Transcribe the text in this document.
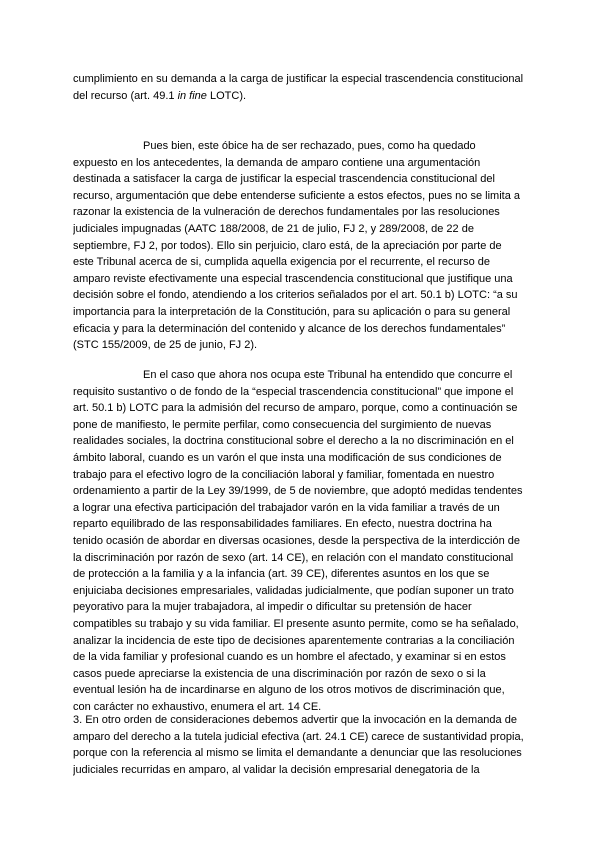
cumplimiento en su demanda a la carga de justificar la especial trascendencia constitucional
del recurso (art. 49.1 in fine LOTC).
Pues bien, este óbice ha de ser rechazado, pues, como ha quedado
expuesto en los antecedentes, la demanda de amparo contiene una argumentación
destinada a satisfacer la carga de justificar la especial trascendencia constitucional del
recurso, argumentación que debe entenderse suficiente a estos efectos, pues no se limita a
razonar la existencia de la vulneración de derechos fundamentales por las resoluciones
judiciales impugnadas (AATC 188/2008, de 21 de julio, FJ 2, y 289/2008, de 22 de
septiembre, FJ 2, por todos). Ello sin perjuicio, claro está, de la apreciación por parte de
este Tribunal acerca de si, cumplida aquella exigencia por el recurrente, el recurso de
amparo reviste efectivamente una especial trascendencia constitucional que justifique una
decisión sobre el fondo, atendiendo a los criterios señalados por el art. 50.1 b) LOTC: “a su
importancia para la interpretación de la Constitución, para su aplicación o para su general
eficacia y para la determinación del contenido y alcance de los derechos fundamentales”
(STC 155/2009, de 25 de junio, FJ 2).
En el caso que ahora nos ocupa este Tribunal ha entendido que concurre el
requisito sustantivo o de fondo de la “especial trascendencia constitucional” que impone el
art. 50.1 b) LOTC para la admisión del recurso de amparo, porque, como a continuación se
pone de manifiesto, le permite perfilar, como consecuencia del surgimiento de nuevas
realidades sociales, la doctrina constitucional sobre el derecho a la no discriminación en el
ámbito laboral, cuando es un varón el que insta una modificación de sus condiciones de
trabajo para el efectivo logro de la conciliación laboral y familiar, fomentada en nuestro
ordenamiento a partir de la Ley 39/1999, de 5 de noviembre, que adoptó medidas tendentes
a lograr una efectiva participación del trabajador varón en la vida familiar a través de un
reparto equilibrado de las responsabilidades familiares. En efecto, nuestra doctrina ha
tenido ocasión de abordar en diversas ocasiones, desde la perspectiva de la interdicción de
la discriminación por razón de sexo (art. 14 CE), en relación con el mandato constitucional
de protección a la familia y a la infancia (art. 39 CE), diferentes asuntos en los que se
enjuiciaba decisiones empresariales, validadas judicialmente, que podían suponer un trato
peyorativo para la mujer trabajadora, al impedir o dificultar su pretensión de hacer
compatibles su trabajo y su vida familiar. El presente asunto permite, como se ha señalado,
analizar la incidencia de este tipo de decisiones aparentemente contrarias a la conciliación
de la vida familiar y profesional cuando es un hombre el afectado, y examinar si en estos
casos puede apreciarse la existencia de una discriminación por razón de sexo o si la
eventual lesión ha de incardinarse en alguno de los otros motivos de discriminación que,
con carácter no exhaustivo, enumera el art. 14 CE.
3. En otro orden de consideraciones debemos advertir que la invocación en la demanda de
amparo del derecho a la tutela judicial efectiva (art. 24.1 CE) carece de sustantividad propia,
porque con la referencia al mismo se limita el demandante a denunciar que las resoluciones
judiciales recurridas en amparo, al validar la decisión empresarial denegatoria de la
